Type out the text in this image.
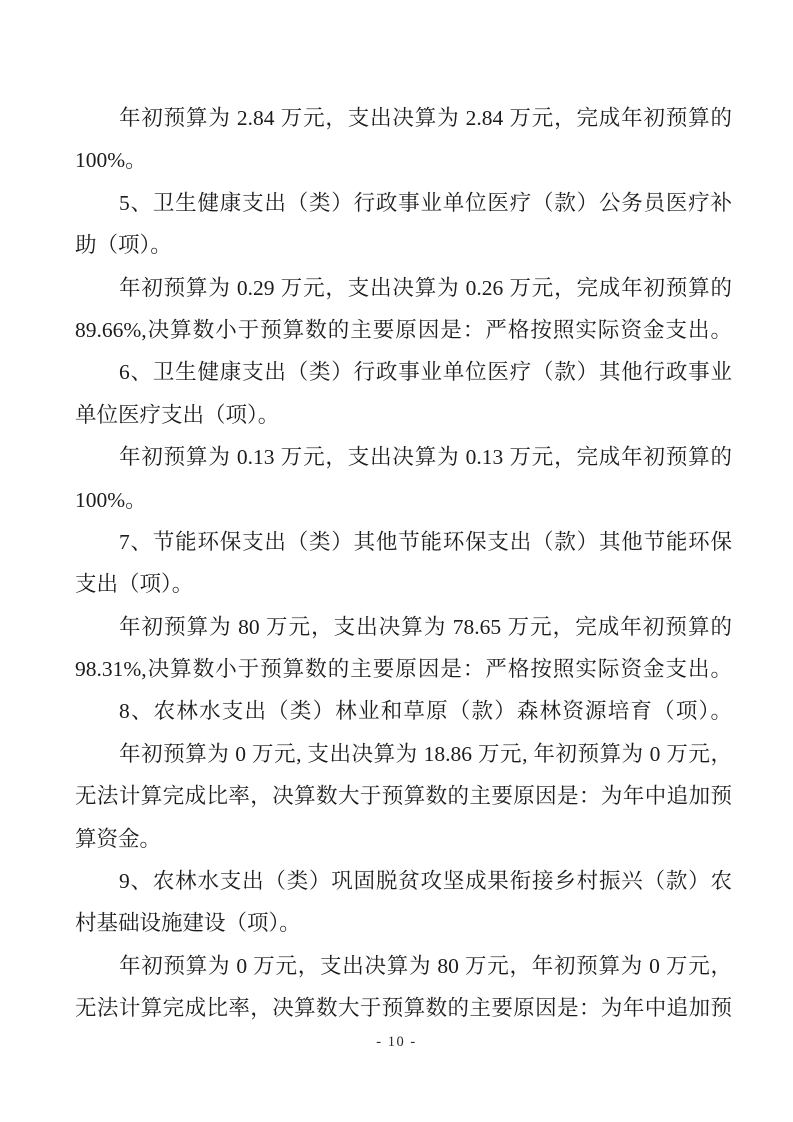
年初预算为 2.84 万元，支出决算为 2.84 万元，完成年初预算的
100%。
5、卫生健康支出（类）行政事业单位医疗（款）公务员医疗补
助（项）。
年初预算为 0.29 万元，支出决算为 0.26 万元，完成年初预算的
89.66%,决算数小于预算数的主要原因是：严格按照实际资金支出。
6、卫生健康支出（类）行政事业单位医疗（款）其他行政事业
单位医疗支出（项）。
年初预算为 0.13 万元，支出决算为 0.13 万元，完成年初预算的
100%。
7、节能环保支出（类）其他节能环保支出（款）其他节能环保
支出（项）。
年初预算为 80 万元，支出决算为 78.65 万元，完成年初预算的
98.31%,决算数小于预算数的主要原因是：严格按照实际资金支出。
8、农林水支出（类）林业和草原（款）森林资源培育（项）。
年初预算为 0 万元, 支出决算为 18.86 万元, 年初预算为 0 万元，
无法计算完成比率，决算数大于预算数的主要原因是：为年中追加预
算资金。
9、农林水支出（类）巩固脱贫攻坚成果衔接乡村振兴（款）农
村基础设施建设（项）。
年初预算为 0 万元，支出决算为 80 万元，年初预算为 0 万元，
无法计算完成比率，决算数大于预算数的主要原因是：为年中追加预
- 10 -
